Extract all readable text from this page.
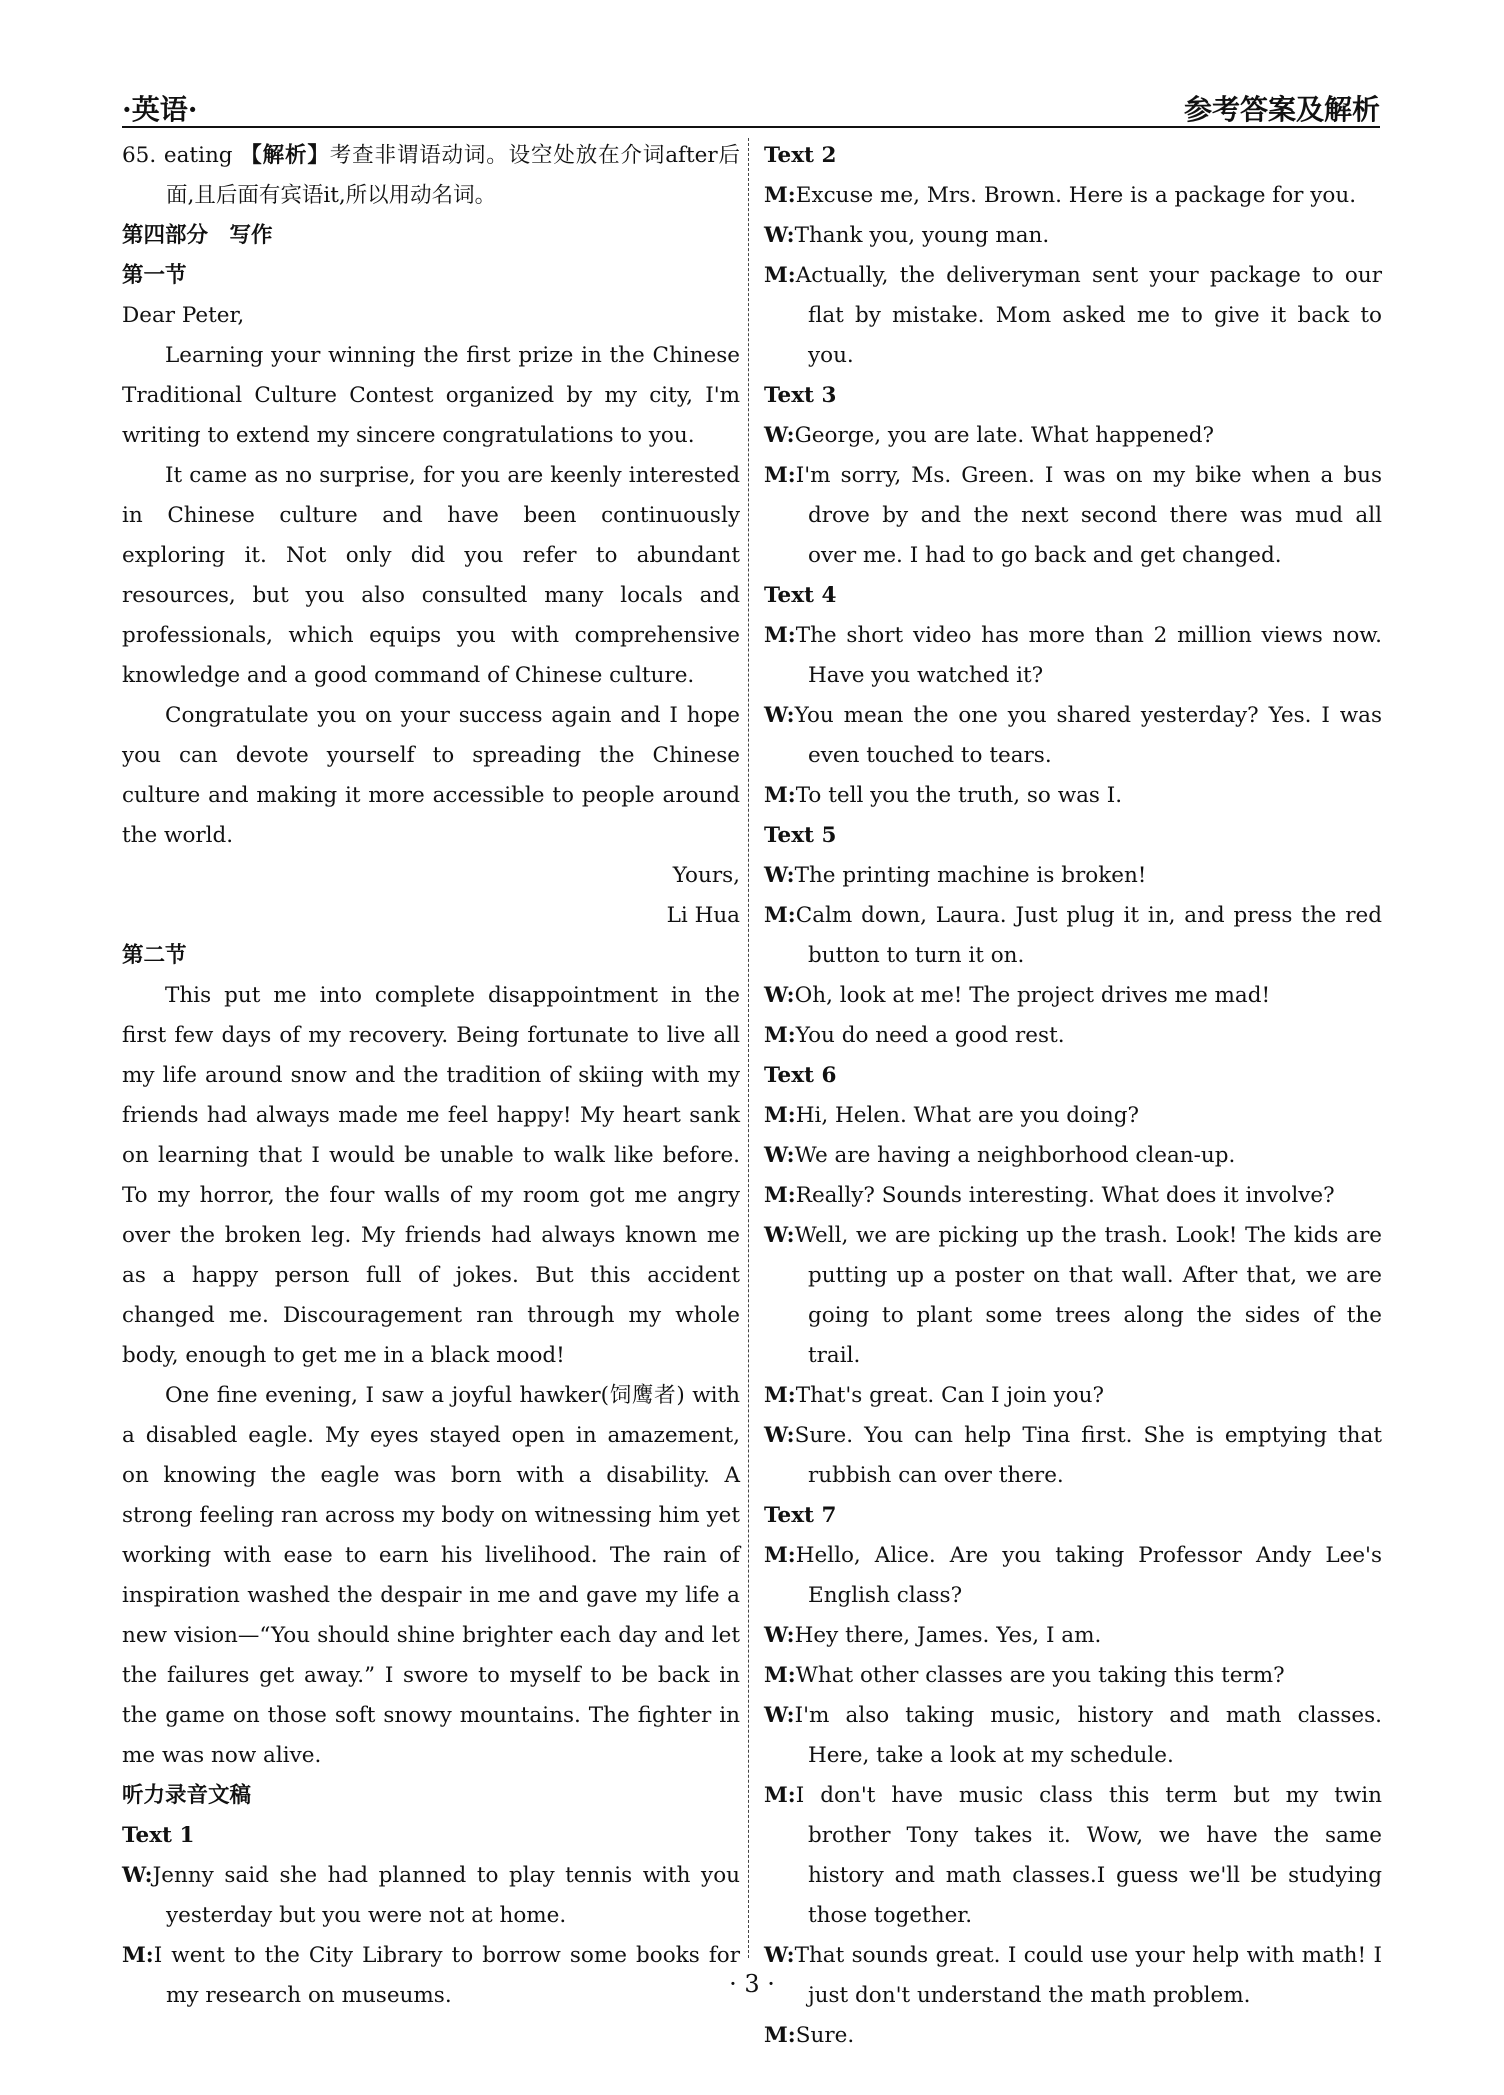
·英语·	参考答案及解析
65. eating 【解析】考查非谓语动词。设空处放在介词after后面,且后面有宾语it,所以用动名词。
第四部分　写作
第一节
Dear Peter,
Learning your winning the first prize in the Chinese Traditional Culture Contest organized by my city, I'm writing to extend my sincere congratulations to you.
It came as no surprise, for you are keenly interested in Chinese culture and have been continuously exploring it. Not only did you refer to abundant resources, but you also consulted many locals and professionals, which equips you with comprehensive knowledge and a good command of Chinese culture.
Congratulate you on your success again and I hope you can devote yourself to spreading the Chinese culture and making it more accessible to people around the world.
Yours,
Li Hua
第二节
This put me into complete disappointment in the first few days of my recovery. Being fortunate to live all my life around snow and the tradition of skiing with my friends had always made me feel happy! My heart sank on learning that I would be unable to walk like before. To my horror, the four walls of my room got me angry over the broken leg. My friends had always known me as a happy person full of jokes. But this accident changed me. Discouragement ran through my whole body, enough to get me in a black mood!
One fine evening, I saw a joyful hawker(饲鹰者) with a disabled eagle. My eyes stayed open in amazement, on knowing the eagle was born with a disability. A strong feeling ran across my body on witnessing him yet working with ease to earn his livelihood. The rain of inspiration washed the despair in me and gave my life a new vision—“You should shine brighter each day and let the failures get away.” I swore to myself to be back in the game on those soft snowy mountains. The fighter in me was now alive.
听力录音文稿
Text 1
W:Jenny said she had planned to play tennis with you yesterday but you were not at home.
M:I went to the City Library to borrow some books for my research on museums.
Text 2
M:Excuse me, Mrs. Brown. Here is a package for you.
W:Thank you, young man.
M:Actually, the deliveryman sent your package to our flat by mistake. Mom asked me to give it back to you.
Text 3
W:George, you are late. What happened?
M:I'm sorry, Ms. Green. I was on my bike when a bus drove by and the next second there was mud all over me. I had to go back and get changed.
Text 4
M:The short video has more than 2 million views now. Have you watched it?
W:You mean the one you shared yesterday? Yes. I was even touched to tears.
M:To tell you the truth, so was I.
Text 5
W:The printing machine is broken!
M:Calm down, Laura. Just plug it in, and press the red button to turn it on.
W:Oh, look at me! The project drives me mad!
M:You do need a good rest.
Text 6
M:Hi, Helen. What are you doing?
W:We are having a neighborhood clean-up.
M:Really? Sounds interesting. What does it involve?
W:Well, we are picking up the trash. Look! The kids are putting up a poster on that wall. After that, we are going to plant some trees along the sides of the trail.
M:That's great. Can I join you?
W:Sure. You can help Tina first. She is emptying that rubbish can over there.
Text 7
M:Hello, Alice. Are you taking Professor Andy Lee's English class?
W:Hey there, James. Yes, I am.
M:What other classes are you taking this term?
W:I'm also taking music, history and math classes. Here, take a look at my schedule.
M:I don't have music class this term but my twin brother Tony takes it. Wow, we have the same history and math classes.I guess we'll be studying those together.
W:That sounds great. I could use your help with math! I just don't understand the math problem.
M:Sure.
· 3 ·
